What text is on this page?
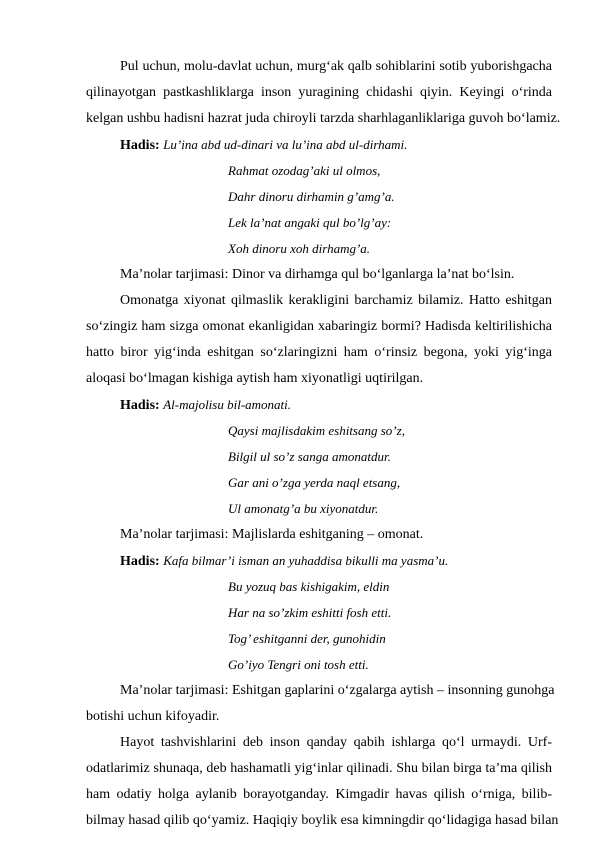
Pul uchun, molu-davlat uchun, murg‘ak qalb sohiblarini sotib yuborishgacha
qilinayotgan pastkashliklarga inson yuragining chidashi qiyin. Keyingi o‘rinda
kelgan ushbu hadisni hazrat juda chiroyli tarzda sharhlaganliklariga guvoh bo‘lamiz.
Hadis: Lu’ina abd ud-dinari va lu’ina abd ul-dirhami.
Rahmat ozodag’aki ul olmos,
Dahr dinoru dirhamin g’amg’a.
Lek la’nat angaki qul bo’lg’ay:
Xoh dinoru xoh dirhamg’a.
Ma’nolar tarjimasi: Dinor va dirhamga qul bo‘lganlarga la’nat bo‘lsin.
Omonatga xiyonat qilmaslik kerakligini barchamiz bilamiz. Hatto eshitgan
so‘zingiz ham sizga omonat ekanligidan xabaringiz bormi? Hadisda keltirilishicha
hatto biror yig‘inda eshitgan so‘zlaringizni ham o‘rinsiz begona, yoki yig‘inga
aloqasi bo‘lmagan kishiga aytish ham xiyonatligi uqtirilgan.
Hadis: Al-majolisu bil-amonati.
Qaysi majlisdakim eshitsang so’z,
Bilgil ul so’z sanga amonatdur.
Gar ani o’zga yerda naql etsang,
Ul amonatg’a bu xiyonatdur.
Ma’nolar tarjimasi: Majlislarda eshitganing – omonat.
Hadis: Kafa bilmar’i isman an yuhaddisa bikulli ma yasma’u.
Bu yozuq bas kishigakim, eldin
Har na so’zkim eshitti fosh etti.
Tog’ eshitganni der, gunohidin
Go’iyo Tengri oni tosh etti.
Ma’nolar tarjimasi: Eshitgan gaplarini o‘zgalarga aytish – insonning gunohga
botishi uchun kifoyadir.
Hayot tashvishlarini deb inson qanday qabih ishlarga qo‘l urmaydi. Urf-
odatlarimiz shunaqa, deb hashamatli yig‘inlar qilinadi. Shu bilan birga ta’ma qilish
ham odatiy holga aylanib borayotganday. Kimgadir havas qilish o‘rniga, bilib-
bilmay hasad qilib qo‘yamiz. Haqiqiy boylik esa kimningdir qo‘lidagiga hasad bilan
